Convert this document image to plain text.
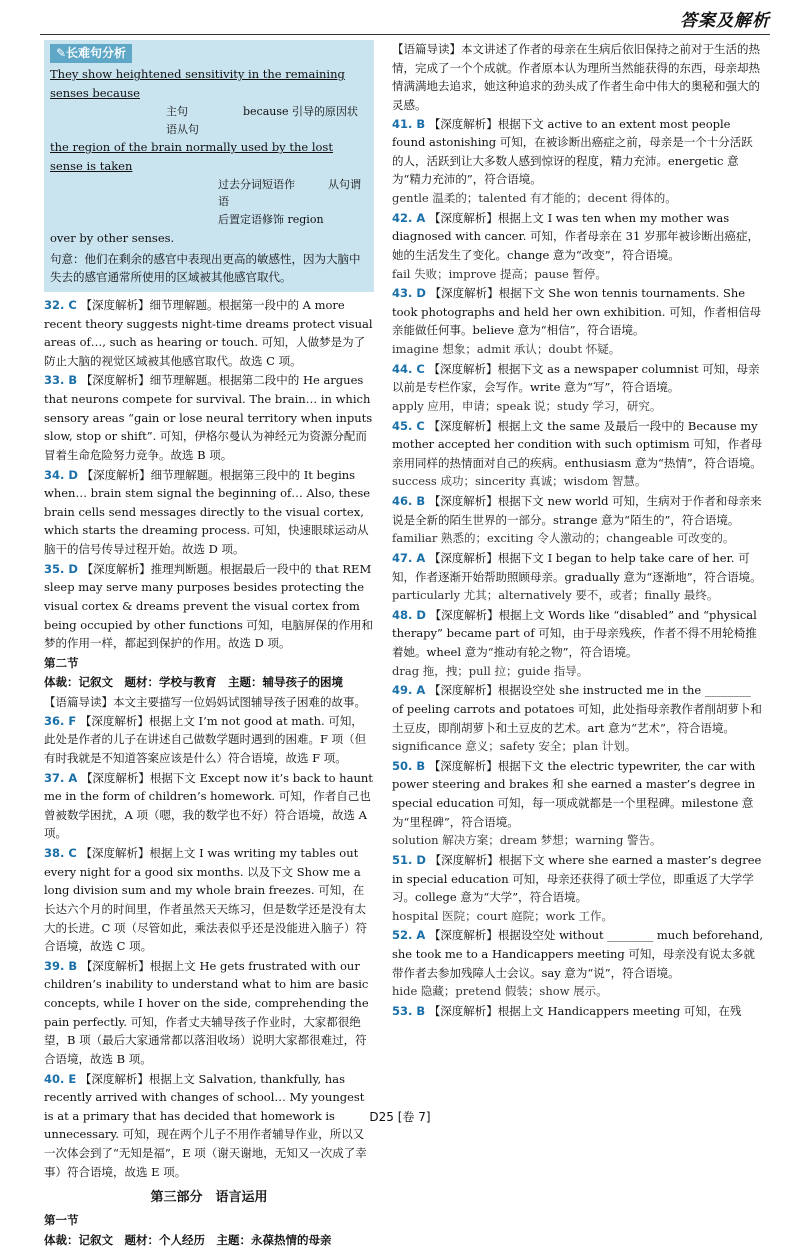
答案及解析
✎长难句分析
They show heightened sensitivity in the remaining senses because
主句　　　　　because 引导的原因状语从句
the region of the brain normally used by the lost sense is taken
过去分词短语作　　　从句谓语
后置定语修饰 region
over by other senses.
句意：他们在剩余的感官中表现出更高的敏感性，因为大脑中失去的感官通常所使用的区域被其他感官取代。
32. C 【深度解析】细节理解题。根据第一段中的 A more recent theory suggests night-time dreams protect visual areas of…, such as hearing or touch. 可知，人做梦是为了防止大脑的视觉区域被其他感官取代。故选 C 项。
33. B 【深度解析】细节理解题。根据第二段中的 He argues that neurons compete for survival. The brain… in which sensory areas “gain or lose neural territory when inputs slow, stop or shift”. 可知，伊格尔曼认为神经元为资源分配而冒着生命危险努力竞争。故选 B 项。
34. D 【深度解析】细节理解题。根据第三段中的 It begins when… brain stem signal the beginning of… Also, these brain cells send messages directly to the visual cortex, which starts the dreaming process. 可知，快速眼球运动从脑干的信号传导过程开始。故选 D 项。
35. D 【深度解析】推理判断题。根据最后一段中的 that REM sleep may serve many purposes besides protecting the visual cortex & dreams prevent the visual cortex from being occupied by other functions 可知，电脑屏保的作用和梦的作用一样，都起到保护的作用。故选 D 项。
第二节
体裁：记叙文　题材：学校与教育　主题：辅导孩子的困境
【语篇导读】本文主要描写一位妈妈试图辅导孩子困难的故事。
36. F 【深度解析】根据上文 I’m not good at math. 可知，此处是作者的儿子在讲述自己做数学题时遇到的困难。F 项（但有时我就是不知道答案应该是什么）符合语境，故选 F 项。
37. A 【深度解析】根据下文 Except now it’s back to haunt me in the form of children’s homework. 可知，作者自己也曾被数学困扰，A 项（嗯，我的数学也不好）符合语境，故选 A 项。
38. C 【深度解析】根据上文 I was writing my tables out every night for a good six months. 以及下文 Show me a long division sum and my whole brain freezes. 可知，在长达六个月的时间里，作者虽然天天练习，但是数学还是没有太大的长进。C 项（尽管如此，乘法表似乎还是没能进入脑子）符合语境，故选 C 项。
39. B 【深度解析】根据上文 He gets frustrated with our children’s inability to understand what to him are basic concepts, while I hover on the side, comprehending the pain perfectly. 可知，作者丈夫辅导孩子作业时，大家都很绝望，B 项（最后大家通常都以落泪收场）说明大家都很难过，符合语境，故选 B 项。
40. E 【深度解析】根据上文 Salvation, thankfully, has recently arrived with changes of school… My youngest is at a primary that has decided that homework is unnecessary. 可知，现在两个儿子不用作者辅导作业，所以又一次体会到了“无知是福”，E 项（谢天谢地，无知又一次成了幸事）符合语境，故选 E 项。
第三部分　语言运用
第一节
体裁：记叙文　题材：个人经历　主题：永葆热情的母亲
【语篇导读】本文讲述了作者的母亲在生病后依旧保持之前对于生活的热情，完成了一个个成就。作者原本认为理所当然能获得的东西，母亲却热情满满地去追求，她这种追求的劲头成了作者生命中伟大的奥秘和强大的灵感。
41. B 【深度解析】根据下文 active to an extent most people found astonishing 可知，在被诊断出癌症之前，母亲是一个十分活跃的人，活跃到让大多数人感到惊讶的程度，精力充沛。energetic 意为“精力充沛的”，符合语境。
gentle 温柔的；talented 有才能的；decent 得体的。
42. A 【深度解析】根据上文 I was ten when my mother was diagnosed with cancer. 可知，作者母亲在 31 岁那年被诊断出癌症，她的生活发生了变化。change 意为“改变”，符合语境。
fail 失败；improve 提高；pause 暂停。
43. D 【深度解析】根据下文 She won tennis tournaments. She took photographs and held her own exhibition. 可知，作者相信母亲能做任何事。believe 意为“相信”，符合语境。
imagine 想象；admit 承认；doubt 怀疑。
44. C 【深度解析】根据下文 as a newspaper columnist 可知，母亲以前是专栏作家，会写作。write 意为“写”，符合语境。
apply 应用，申请；speak 说；study 学习，研究。
45. C 【深度解析】根据上文 the same 及最后一段中的 Because my mother accepted her condition with such optimism 可知，作者母亲用同样的热情面对自己的疾病。enthusiasm 意为“热情”，符合语境。
success 成功；sincerity 真诚；wisdom 智慧。
46. B 【深度解析】根据下文 new world 可知，生病对于作者和母亲来说是全新的陌生世界的一部分。strange 意为“陌生的”，符合语境。
familiar 熟悉的；exciting 令人激动的；changeable 可改变的。
47. A 【深度解析】根据下文 I began to help take care of her. 可知，作者逐渐开始帮助照顾母亲。gradually 意为“逐渐地”，符合语境。
particularly 尤其；alternatively 要不，或者；finally 最终。
48. D 【深度解析】根据上文 Words like “disabled” and “physical therapy” became part of 可知，由于母亲残疾，作者不得不用轮椅推着她。wheel 意为“推动有轮之物”，符合语境。
drag 拖，拽；pull 拉；guide 指导。
49. A 【深度解析】根据设空处 she instructed me in the ________ of peeling carrots and potatoes 可知，此处指母亲教作者削胡萝卜和土豆皮，即削胡萝卜和土豆皮的艺术。art 意为“艺术”，符合语境。
significance 意义；safety 安全；plan 计划。
50. B 【深度解析】根据下文 the electric typewriter, the car with power steering and brakes 和 she earned a master’s degree in special education 可知，每一项成就都是一个里程碑。milestone 意为“里程碑”，符合语境。
solution 解决方案；dream 梦想；warning 警告。
51. D 【深度解析】根据下文 where she earned a master’s degree in special education 可知，母亲还获得了硕士学位，即重返了大学学习。college 意为“大学”，符合语境。
hospital 医院；court 庭院；work 工作。
52. A 【深度解析】根据设空处 without ________ much beforehand, she took me to a Handicappers meeting 可知，母亲没有说太多就带作者去参加残障人士会议。say 意为“说”，符合语境。
hide 隐藏；pretend 假装；show 展示。
53. B 【深度解析】根据上文 Handicappers meeting 可知，在残
D25 [卷 7]
